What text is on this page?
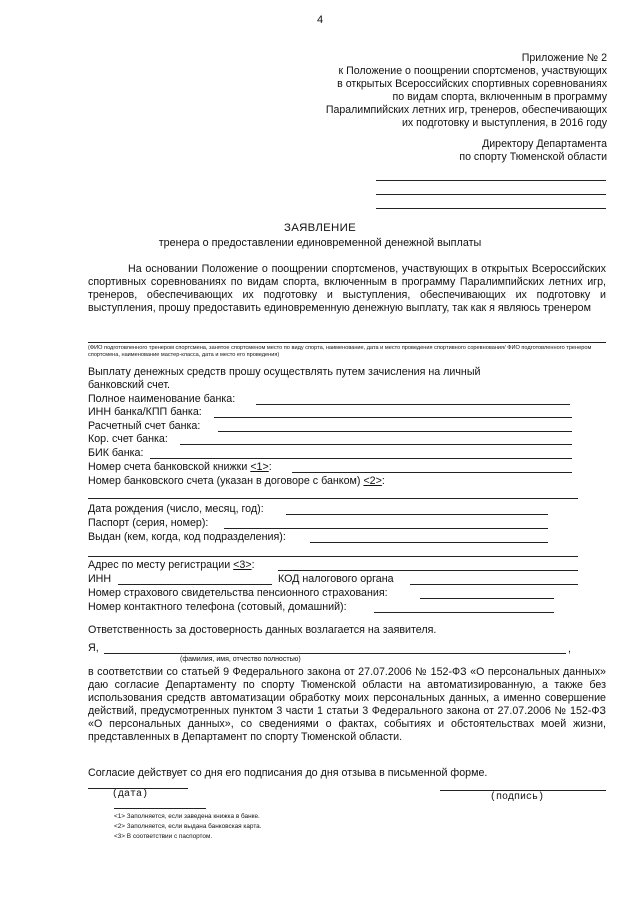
4
Приложение № 2
к Положение о поощрении спортсменов, участвующих
в открытых Всероссийских спортивных соревнованиях
по видам спорта, включенным в программу
Паралимпийских летних игр, тренеров, обеспечивающих
их подготовку и выступления, в 2016 году
Директору Департамента
по спорту Тюменской области
ЗАЯВЛЕНИЕ
тренера о предоставлении единовременной денежной выплаты
На основании Положение о поощрении спортсменов, участвующих в открытых Всероссийских спортивных соревнованиях по видам спорта, включенным в программу Паралимпийских летних игр, тренеров, обеспечивающих их подготовку и выступления, обеспечивающих их подготовку и выступления, прошу предоставить единовременную денежную выплату, так как я являюсь тренером
(ФИО подготовленного тренером спортсмена, занятое спортсменом место по виду спорта, наименование, дата и место проведения спортивного соревнования/ ФИО подготовленного тренером спортсмена, наименование мастер-класса, дата и место его проведения)
Выплату денежных средств прошу осуществлять путем зачисления на личный
банковский счет.
Полное наименование банка:
ИНН банка/КПП банка:
Расчетный счет банка:
Кор. счет банка:
БИК банка:
Номер счета банковской книжки <1>:
Номер банковского счета (указан в договоре с банком) <2>:
Дата рождения (число, месяц, год):
Паспорт (серия, номер):
Выдан (кем, когда, код подразделения):
Адрес по месту регистрации <3>:
ИНН	КОД налогового органа
Номер страхового свидетельства пенсионного страхования:
Номер контактного телефона (сотовый, домашний):
Ответственность за достоверность данных возлагается на заявителя.
Я,	,
(фамилия, имя, отчество полностью)
в соответствии со статьей 9 Федерального закона от 27.07.2006 № 152-ФЗ «О персональных данных» даю согласие Департаменту по спорту Тюменской области на автоматизированную, а также без использования средств автоматизации обработку моих персональных данных, а именно совершение действий, предусмотренных пунктом 3 части 1 статьи 3 Федерального закона от 27.07.2006 № 152-ФЗ «О персональных данных», со сведениями о фактах, событиях и обстоятельствах моей жизни, представленных в Департамент по спорту Тюменской области.
Согласие действует со дня его подписания до дня отзыва в письменной форме.
(дата)	(подпись)
<1> Заполняется, если заведена книжка в банке.
<2> Заполняется, если выдана банковская карта.
<3> В соответствии с паспортом.
